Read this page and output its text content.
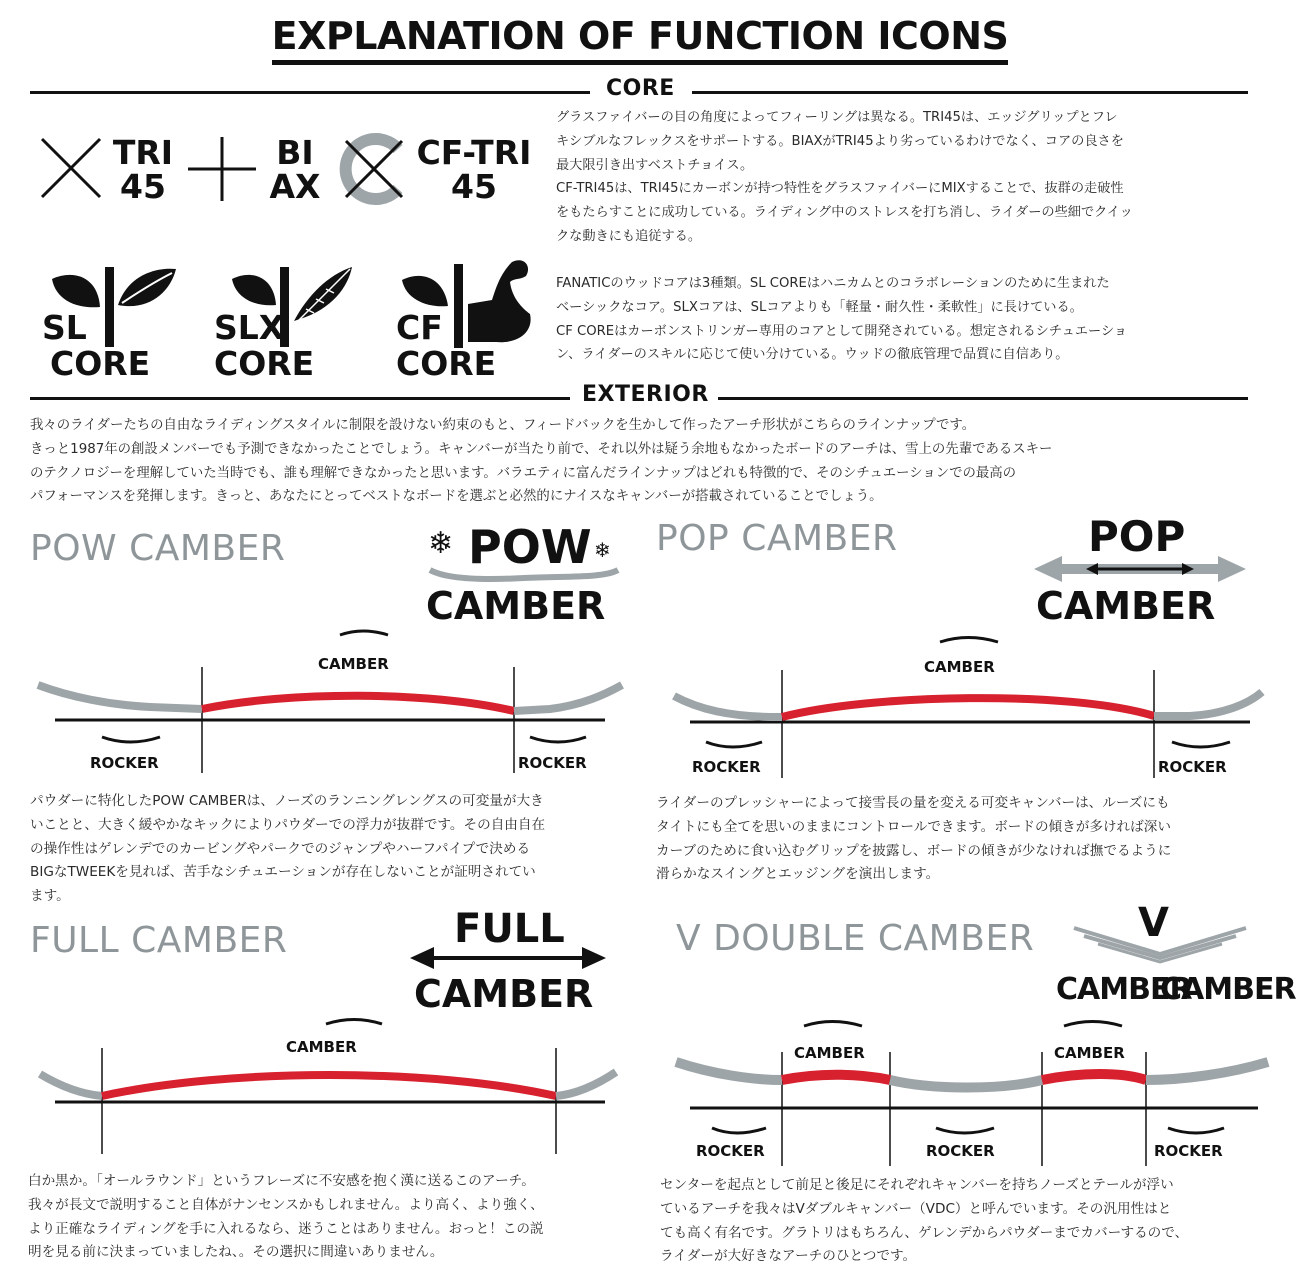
EXPLANATION OF FUNCTION ICONS
CORE
TRI
45
BI
AX
CF-TRI
45
SL
CORE
SLX
CORE
CF
CORE
グラスファイバーの目の角度によってフィーリングは異なる。TRI45は、エッジグリップとフレ
キシブルなフレックスをサポートする。BIAXがTRI45より劣っているわけでなく、コアの良さを
最大限引き出すベストチョイス。
CF-TRI45は、TRI45にカーボンが持つ特性をグラスファイバーにMIXすることで、抜群の走破性
をもたらすことに成功している。ライディング中のストレスを打ち消し、ライダーの些細でクイッ
クな動きにも追従する。
FANATICのウッドコアは3種類。SL COREはハニカムとのコラボレーションのために生まれた
ベーシックなコア。SLXコアは、SLコアよりも「軽量・耐久性・柔軟性」に長けている。
CF COREはカーボンストリンガー専用のコアとして開発されている。想定されるシチュエーショ
ン、ライダーのスキルに応じて使い分けている。ウッドの徹底管理で品質に自信あり。
EXTERIOR
我々のライダーたちの自由なライディングスタイルに制限を設けない約束のもと、フィードバックを生かして作ったアーチ形状がこちらのラインナップです。
きっと1987年の創設メンバーでも予測できなかったことでしょう。キャンバーが当たり前で、それ以外は疑う余地もなかったボードのアーチは、雪上の先輩であるスキー
のテクノロジーを理解していた当時でも、誰も理解できなかったと思います。バラエティに富んだラインナップはどれも特徴的で、そのシチュエーションでの最高の
パフォーマンスを発揮します。きっと、あなたにとってベストなボードを選ぶと必然的にナイスなキャンバーが搭載されていることでしょう。
POW CAMBER	❄ POW ❄
CAMBER
CAMBER
ROCKER	ROCKER
パウダーに特化したPOW CAMBERは、ノーズのランニングレングスの可変量が大き
いことと、大きく緩やかなキックによりパウダーでの浮力が抜群です。その自由自在
の操作性はゲレンデでのカービングやパークでのジャンプやハーフパイプで決める
BIGなTWEEKを見れば、苦手なシチュエーションが存在しないことが証明されてい
ます。
POP CAMBER	POP
CAMBER
CAMBER
ROCKER	ROCKER
ライダーのプレッシャーによって接雪長の量を変える可変キャンバーは、ルーズにも
タイトにも全てを思いのままにコントロールできます。ボードの傾きが多ければ深い
カーブのために食い込むグリップを披露し、ボードの傾きが少なければ撫でるように
滑らかなスイングとエッジングを演出します。
FULL CAMBER	FULL
CAMBER
CAMBER
白か黒か。「オールラウンド」というフレーズに不安感を抱く漢に送るこのアーチ。
我々が長文で説明すること自体がナンセンスかもしれません。より高く、より強く、
より正確なライディングを手に入れるなら、迷うことはありません。おっと！この説
明を見る前に決まっていましたね、。その選択に間違いありません。
V DOUBLE CAMBER	V
CAMBER
CAMBER
CAMBER	CAMBER
ROCKER	ROCKER	ROCKER
センターを起点として前足と後足にそれぞれキャンバーを持ちノーズとテールが浮い
ているアーチを我々はVダブルキャンバー（VDC）と呼んでいます。その汎用性はと
ても高く有名です。グラトリはもちろん、ゲレンデからパウダーまでカバーするので、
ライダーが大好きなアーチのひとつです。
